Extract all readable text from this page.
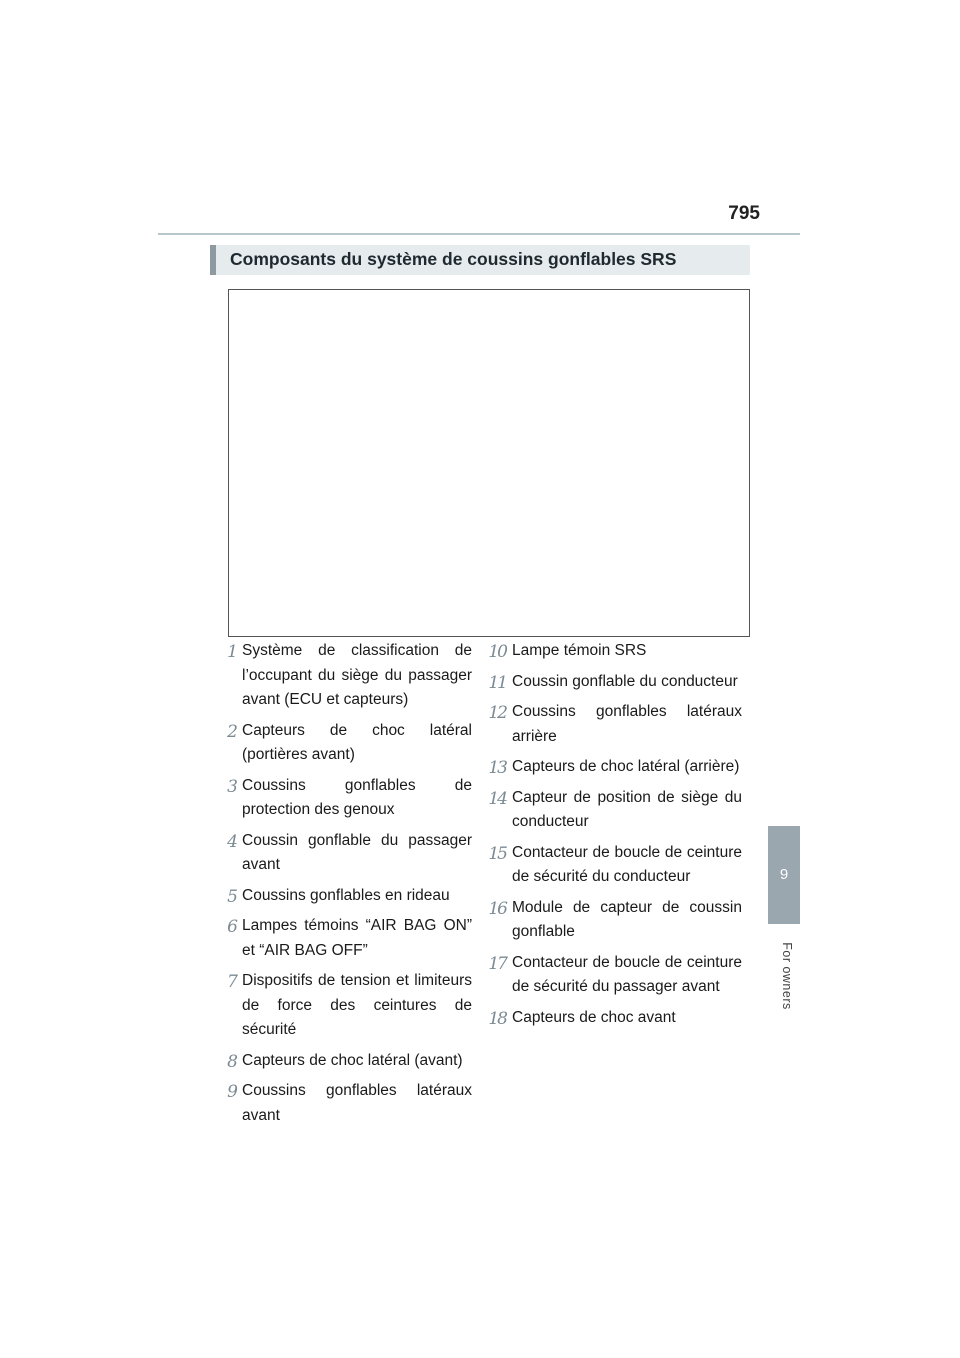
795
9
For owners
Composants du système de coussins gonflables SRS
1 Système de classification de l’occupant du siège du passager avant (ECU et capteurs)
2 Capteurs de choc latéral (portières avant)
3 Coussins gonflables de protection des genoux
4 Coussin gonflable du passager avant
5 Coussins gonflables en rideau
6 Lampes témoins “AIR BAG ON” et “AIR BAG OFF”
7 Dispositifs de tension et limiteurs de force des ceintures de sécurité
8 Capteurs de choc latéral (avant)
9 Coussins gonflables latéraux avant
10 Lampe témoin SRS
11 Coussin gonflable du conducteur
12 Coussins gonflables latéraux arrière
13 Capteurs de choc latéral (arrière)
14 Capteur de position de siège du conducteur
15 Contacteur de boucle de ceinture de sécurité du conducteur
16 Module de capteur de coussin gonflable
17 Contacteur de boucle de ceinture de sécurité du passager avant
18 Capteurs de choc avant
